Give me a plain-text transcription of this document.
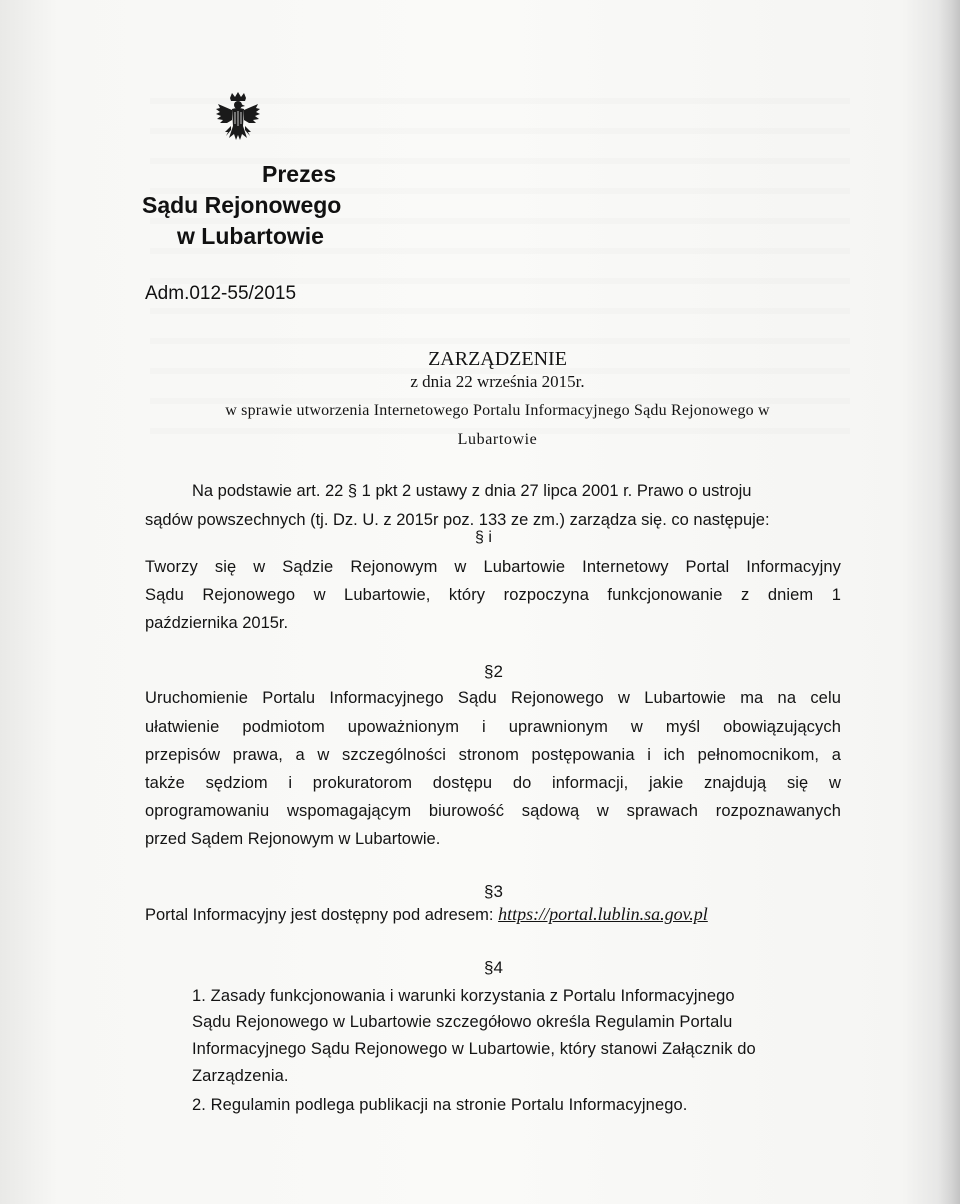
Prezes
Sądu Rejonowego
w Lubartowie
Adm.012-55/2015
ZARZĄDZENIE
z dnia 22 września 2015r.
w sprawie utworzenia Internetowego Portalu Informacyjnego Sądu Rejonowego w
Lubartowie
Na podstawie art. 22 § 1 pkt 2 ustawy z dnia 27 lipca 2001 r. Prawo o ustroju
sądów powszechnych (tj. Dz. U. z 2015r poz. 133 ze zm.) zarządza się. co następuje:
§ i
Tworzy się w Sądzie Rejonowym w Lubartowie Internetowy Portal Informacyjny
Sądu Rejonowego w Lubartowie, który rozpoczyna funkcjonowanie z dniem 1
października 2015r.
§2
Uruchomienie Portalu Informacyjnego Sądu Rejonowego w Lubartowie ma na celu
ułatwienie podmiotom upoważnionym i uprawnionym w myśl obowiązujących
przepisów prawa, a w szczególności stronom postępowania i ich pełnomocnikom, a
także sędziom i prokuratorom dostępu do informacji, jakie znajdują się w
oprogramowaniu wspomagającym biurowość sądową w sprawach rozpoznawanych
przed Sądem Rejonowym w Lubartowie.
§3
Portal Informacyjny jest dostępny pod adresem: https://portal.lublin.sa.gov.pl
§4
1. Zasady funkcjonowania i warunki korzystania z Portalu Informacyjnego
Sądu Rejonowego w Lubartowie szczegółowo określa Regulamin Portalu
Informacyjnego Sądu Rejonowego w Lubartowie, który stanowi Załącznik do
Zarządzenia.
2. Regulamin podlega publikacji na stronie Portalu Informacyjnego.
